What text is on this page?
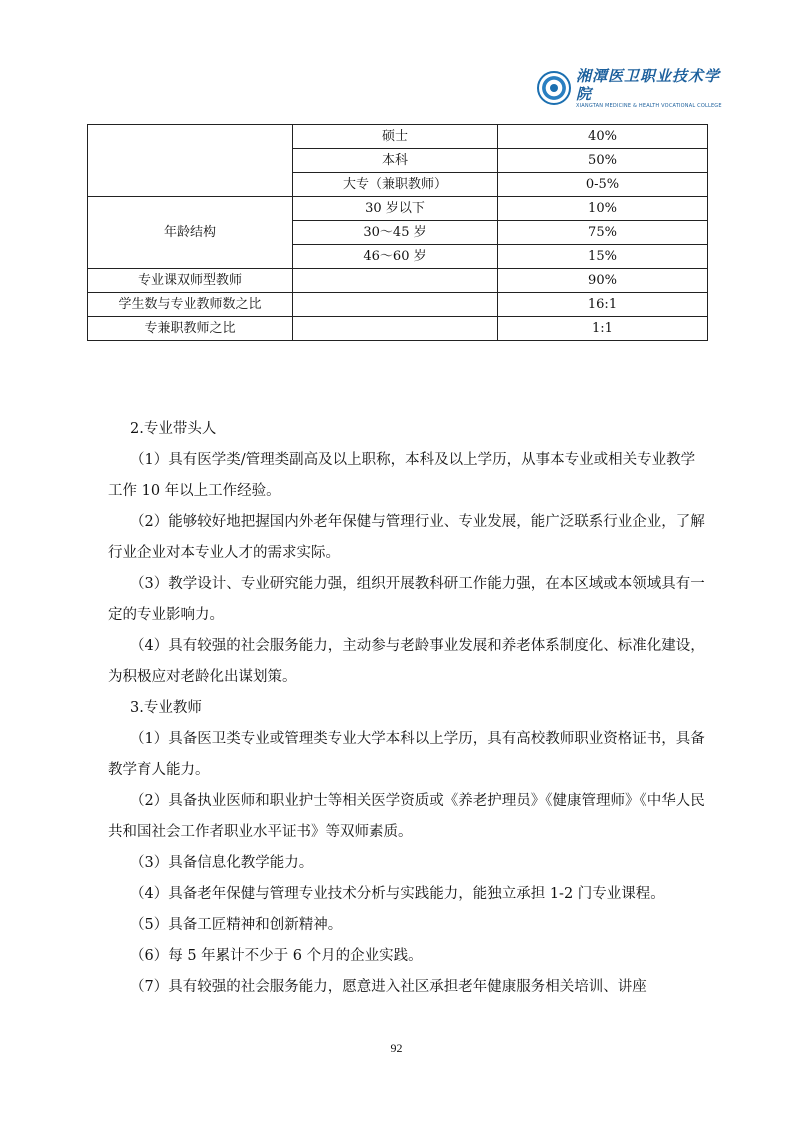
湘潭医卫职业技术学院
XIANGTAN MEDICINE & HEALTH VOCATIONAL COLLEGE
	硕士	40%
	本科	50%
	大专（兼职教师）	0-5%
年龄结构	30 岁以下	10%
	30～45 岁	75%
	46～60 岁	15%
专业课双师型教师		90%
学生数与专业教师数之比		16:1
专兼职教师之比		1:1

2.专业带头人

（1）具有医学类/管理类副高及以上职称，本科及以上学历，从事本专业或相关专业教学工作 10 年以上工作经验。

（2）能够较好地把握国内外老年保健与管理行业、专业发展，能广泛联系行业企业，了解行业企业对本专业人才的需求实际。

（3）教学设计、专业研究能力强，组织开展教科研工作能力强，在本区域或本领域具有一定的专业影响力。

（4）具有较强的社会服务能力，主动参与老龄事业发展和养老体系制度化、标准化建设，为积极应对老龄化出谋划策。

3.专业教师

（1）具备医卫类专业或管理类专业大学本科以上学历，具有高校教师职业资格证书，具备教学育人能力。

（2）具备执业医师和职业护士等相关医学资质或《养老护理员》《健康管理师》《中华人民共和国社会工作者职业水平证书》等双师素质。

（3）具备信息化教学能力。

（4）具备老年保健与管理专业技术分析与实践能力，能独立承担 1-2 门专业课程。

（5）具备工匠精神和创新精神。

（6）每 5 年累计不少于 6 个月的企业实践。

（7）具有较强的社会服务能力，愿意进入社区承担老年健康服务相关培训、讲座

92
